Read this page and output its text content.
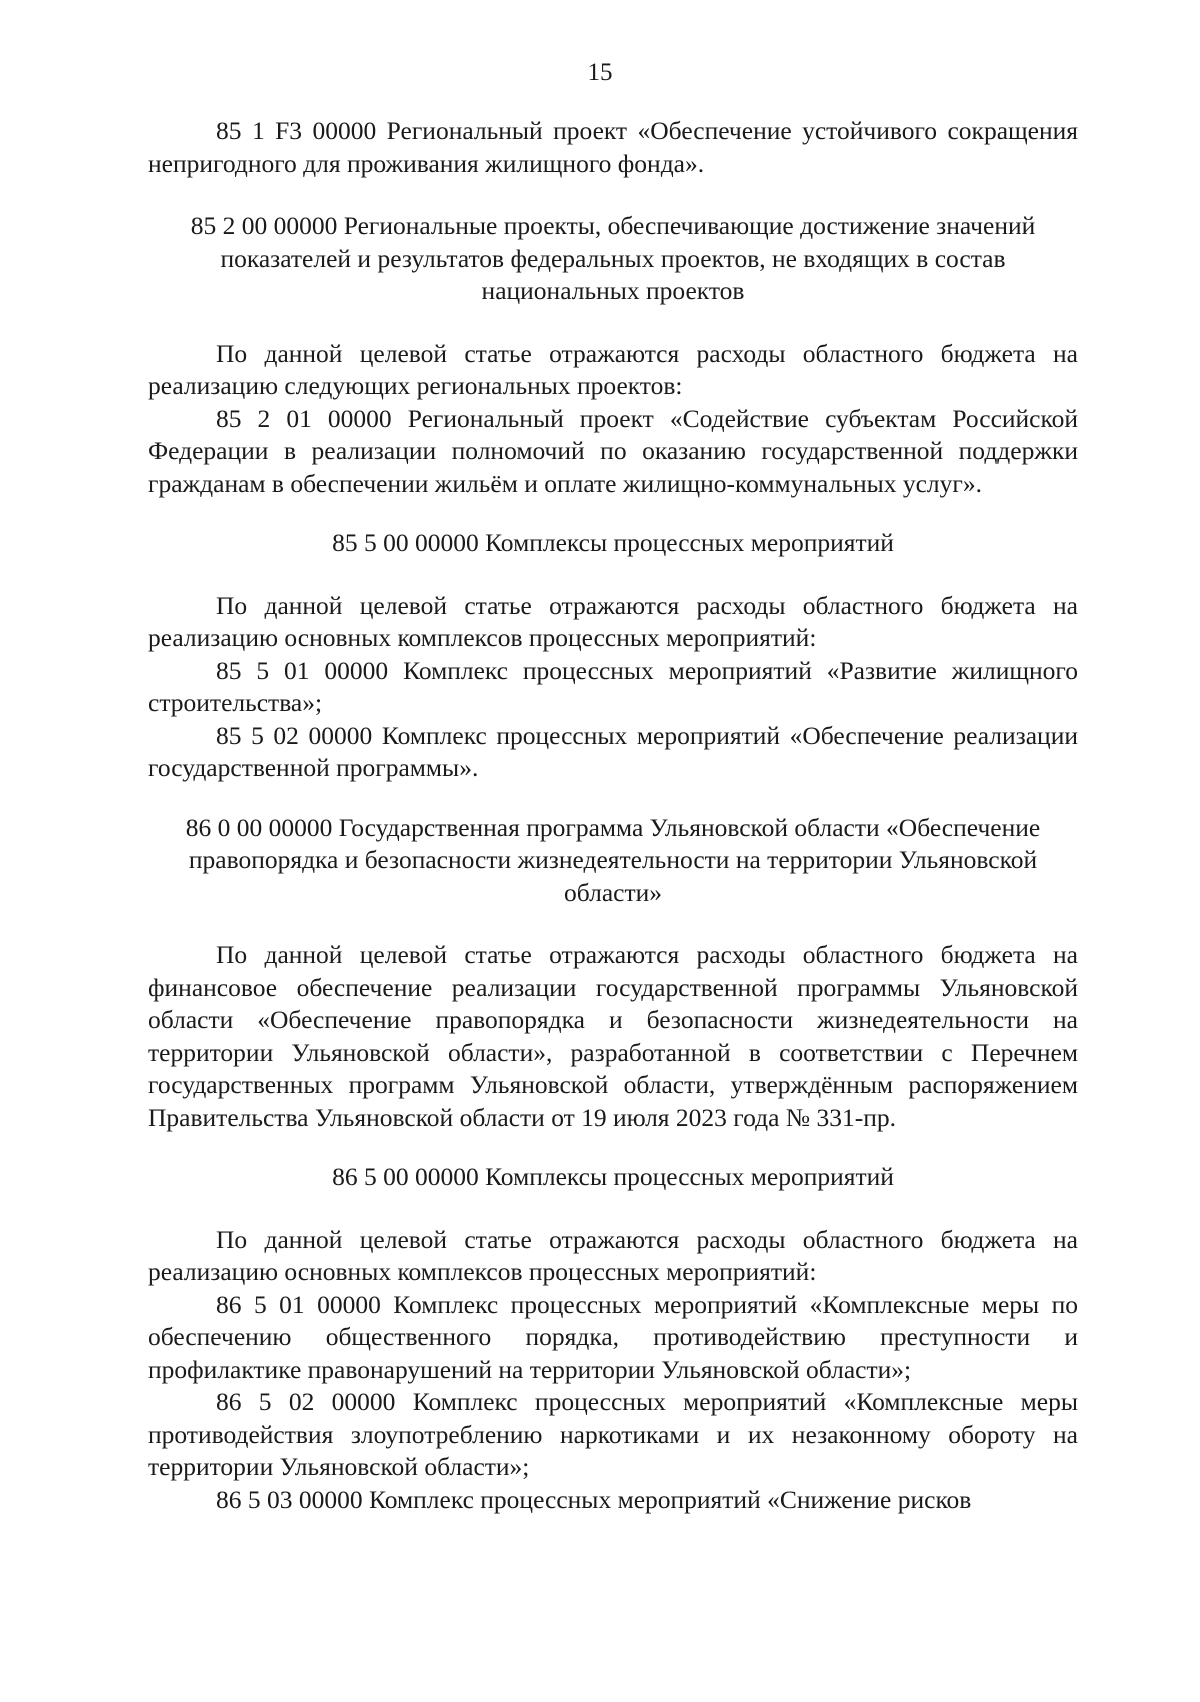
15

85 1 F3 00000 Региональный проект «Обеспечение устойчивого сокращения непригодного для проживания жилищного фонда».

85 2 00 00000 Региональные проекты, обеспечивающие достижение значений показателей и результатов федеральных проектов, не входящих в состав национальных проектов

По данной целевой статье отражаются расходы областного бюджета на реализацию следующих региональных проектов:

85 2 01 00000 Региональный проект «Содействие субъектам Российской Федерации в реализации полномочий по оказанию государственной поддержки гражданам в обеспечении жильём и оплате жилищно-коммунальных услуг».

85 5 00 00000 Комплексы процессных мероприятий

По данной целевой статье отражаются расходы областного бюджета на реализацию основных комплексов процессных мероприятий:

85 5 01 00000 Комплекс процессных мероприятий «Развитие жилищного строительства»;

85 5 02 00000 Комплекс процессных мероприятий «Обеспечение реализации государственной программы».

86 0 00 00000 Государственная программа Ульяновской области «Обеспечение правопорядка и безопасности жизнедеятельности на территории Ульяновской области»

По данной целевой статье отражаются расходы областного бюджета на финансовое обеспечение реализации государственной программы Ульяновской области «Обеспечение правопорядка и безопасности жизнедеятельности на территории Ульяновской области», разработанной в соответствии с Перечнем государственных программ Ульяновской области, утверждённым распоряжением Правительства Ульяновской области от 19 июля 2023 года № 331-пр.

86 5 00 00000 Комплексы процессных мероприятий

По данной целевой статье отражаются расходы областного бюджета на реализацию основных комплексов процессных мероприятий:

86 5 01 00000 Комплекс процессных мероприятий «Комплексные меры по обеспечению общественного порядка, противодействию преступности и профилактике правонарушений на территории Ульяновской области»;

86 5 02 00000 Комплекс процессных мероприятий «Комплексные меры противодействия злоупотреблению наркотиками и их незаконному обороту на территории Ульяновской области»;

86 5 03 00000 Комплекс процессных мероприятий «Снижение рисков
